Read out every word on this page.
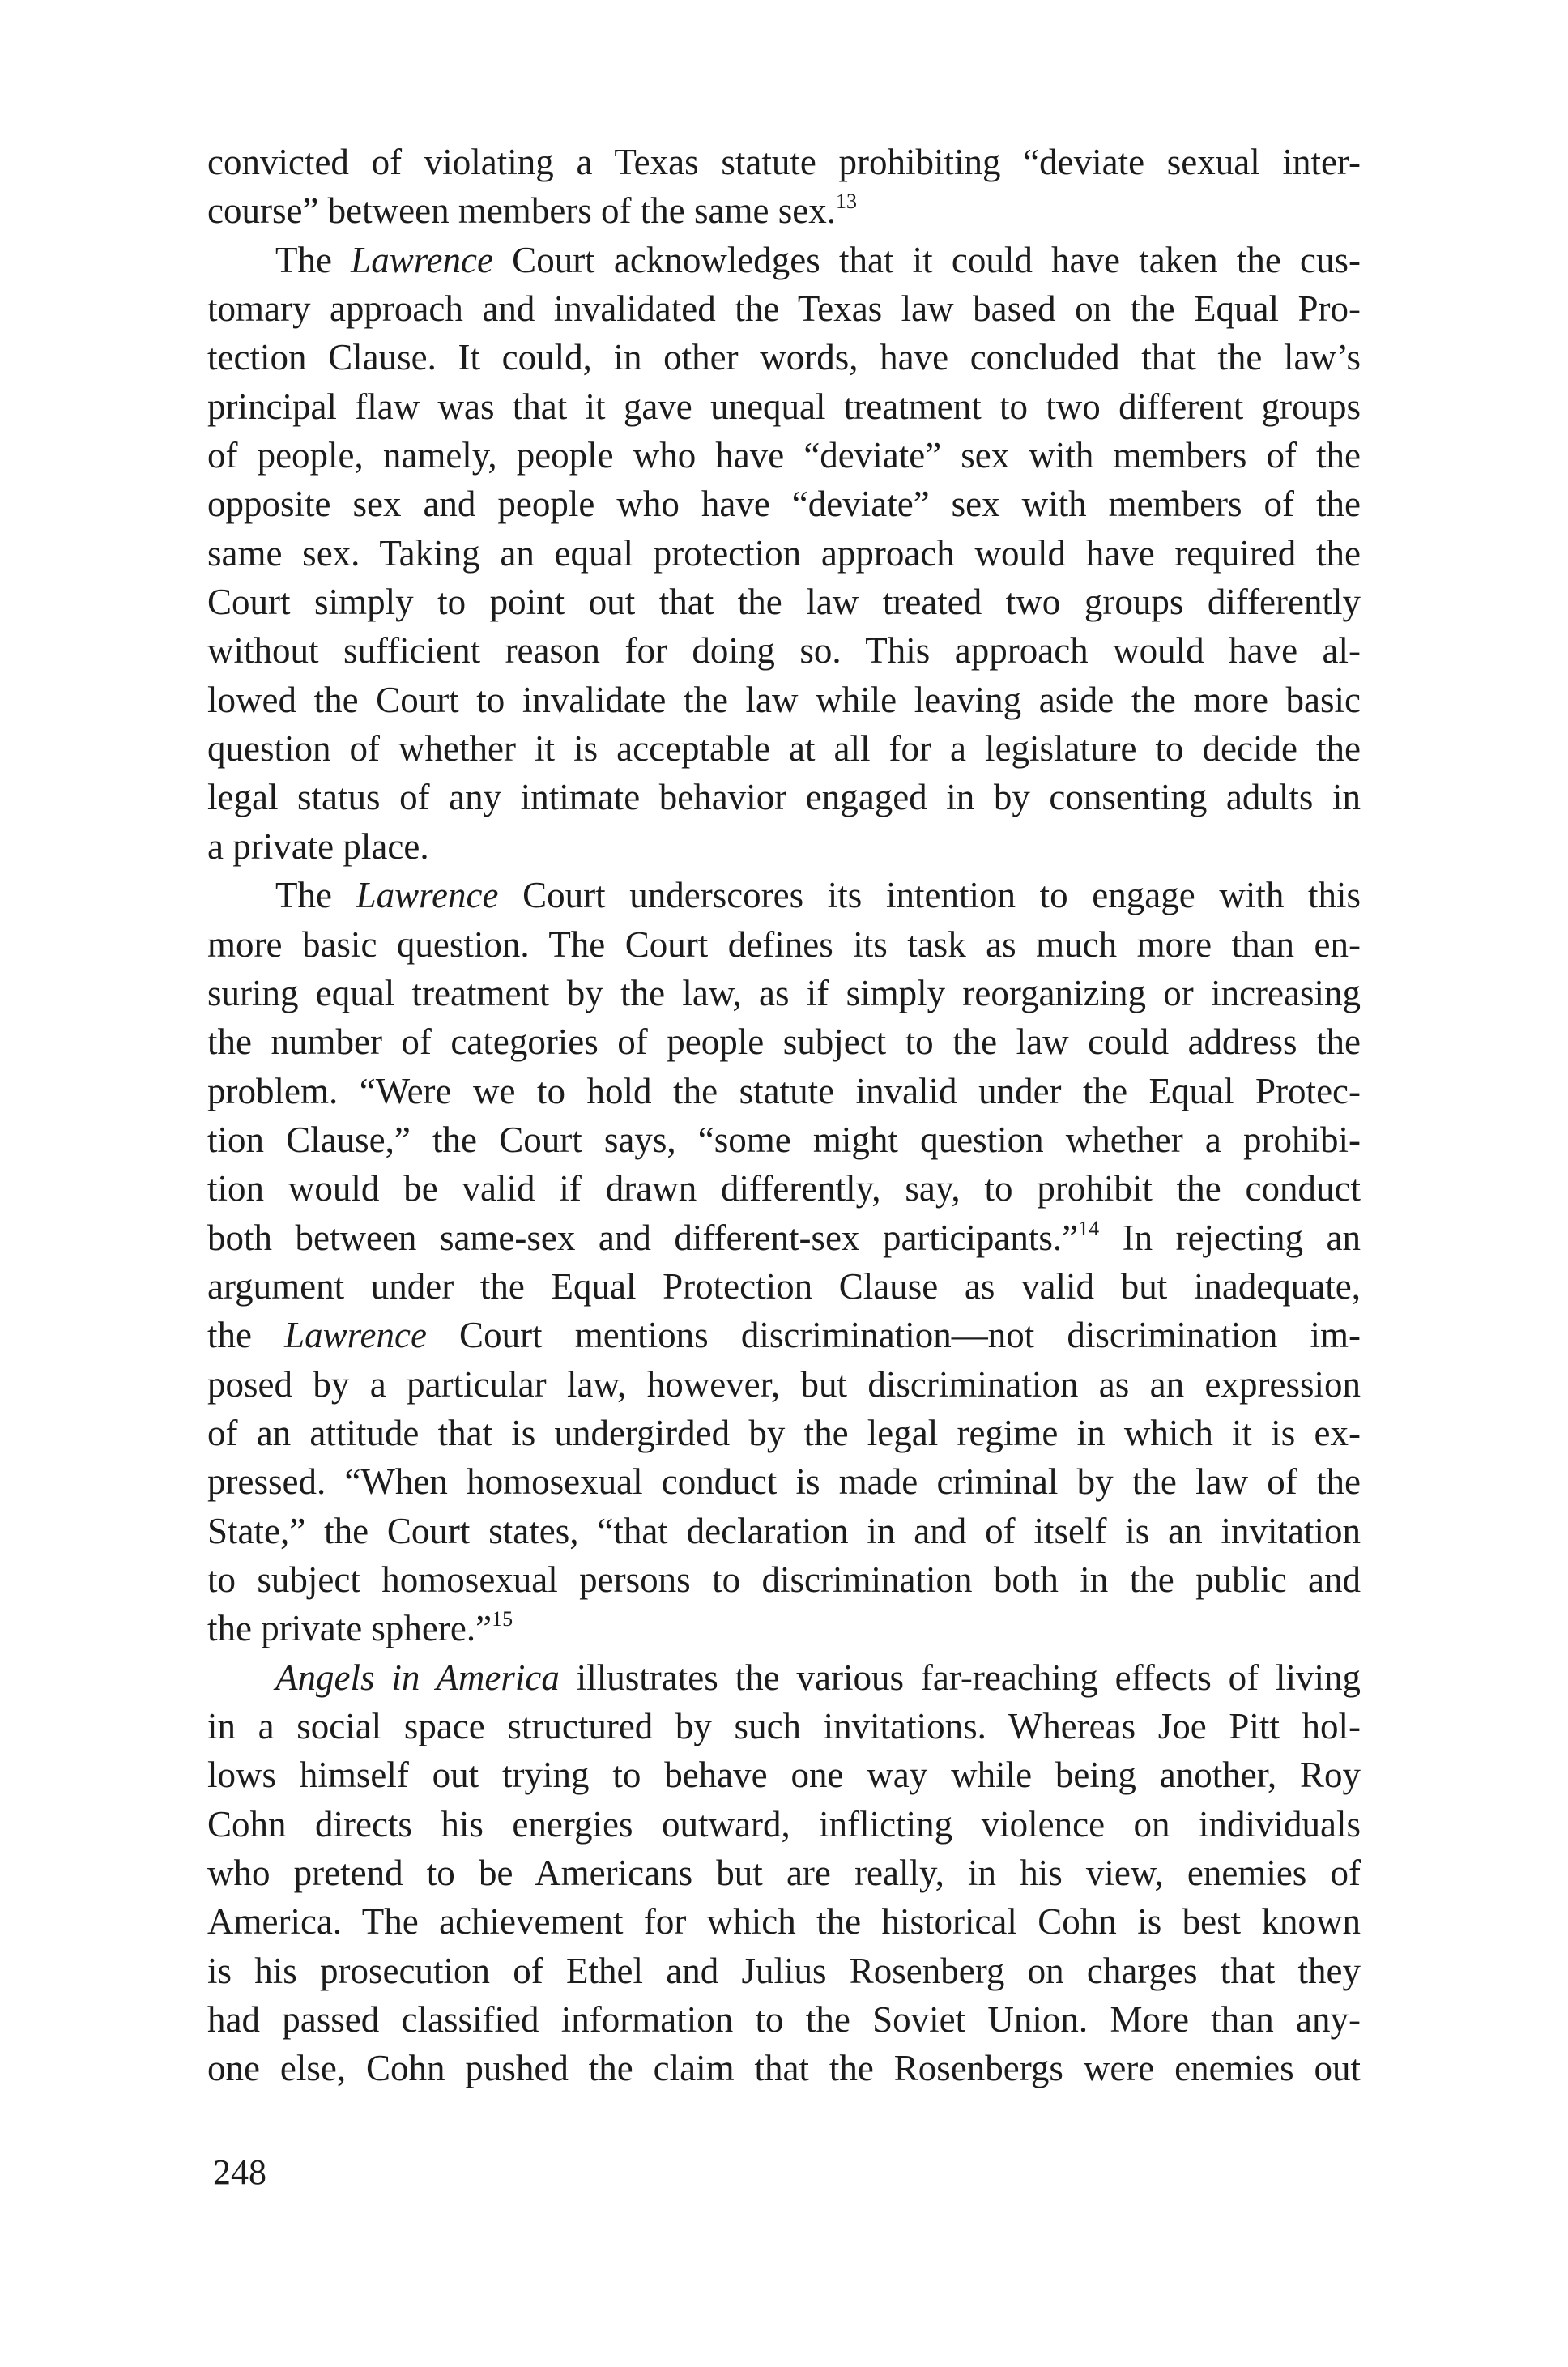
convicted of violating a Texas statute prohibiting “deviate sexual inter-
course” between members of the same sex.$^{13}$
The Lawrence Court acknowledges that it could have taken the cus-
tomary approach and invalidated the Texas law based on the Equal Pro-
tection Clause. It could, in other words, have concluded that the law’s
principal flaw was that it gave unequal treatment to two different groups
of people, namely, people who have “deviate” sex with members of the
opposite sex and people who have “deviate” sex with members of the
same sex. Taking an equal protection approach would have required the
Court simply to point out that the law treated two groups differently
without sufficient reason for doing so. This approach would have al-
lowed the Court to invalidate the law while leaving aside the more basic
question of whether it is acceptable at all for a legislature to decide the
legal status of any intimate behavior engaged in by consenting adults in
a private place.
The Lawrence Court underscores its intention to engage with this
more basic question. The Court defines its task as much more than en-
suring equal treatment by the law, as if simply reorganizing or increasing
the number of categories of people subject to the law could address the
problem. “Were we to hold the statute invalid under the Equal Protec-
tion Clause,” the Court says, “some might question whether a prohibi-
tion would be valid if drawn differently, say, to prohibit the conduct
both between same-sex and different-sex participants.”$^{14}$ In rejecting an
argument under the Equal Protection Clause as valid but inadequate,
the Lawrence Court mentions discrimination—not discrimination im-
posed by a particular law, however, but discrimination as an expression
of an attitude that is undergirded by the legal regime in which it is ex-
pressed. “When homosexual conduct is made criminal by the law of the
State,” the Court states, “that declaration in and of itself is an invitation
to subject homosexual persons to discrimination both in the public and
the private sphere.”$^{15}$
Angels in America illustrates the various far-reaching effects of living
in a social space structured by such invitations. Whereas Joe Pitt hol-
lows himself out trying to behave one way while being another, Roy
Cohn directs his energies outward, inflicting violence on individuals
who pretend to be Americans but are really, in his view, enemies of
America. The achievement for which the historical Cohn is best known
is his prosecution of Ethel and Julius Rosenberg on charges that they
had passed classified information to the Soviet Union. More than any-
one else, Cohn pushed the claim that the Rosenbergs were enemies out
248
